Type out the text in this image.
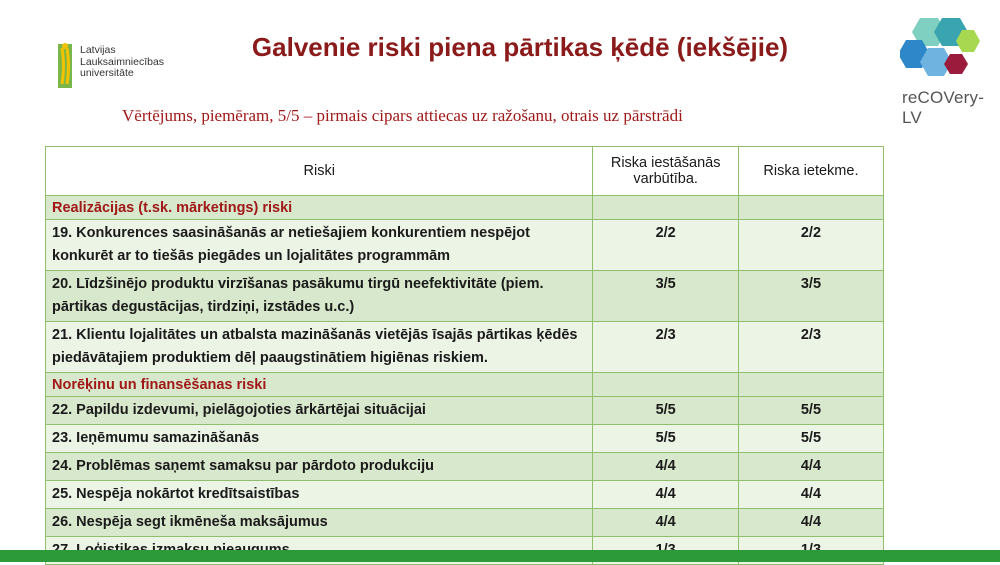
Latvijas
Lauksaimniecības
universitāte
Galvenie riski piena pārtikas ķēdē (iekšējie)
Vērtējums, piemēram, 5/5 – pirmais cipars attiecas uz ražošanu, otrais uz pārstrādi
reCOVery-LV
Riski	Riska iestāšanās varbūtība.	Riska ietekme.
Realizācijas (t.sk. mārketings) riski		
19. Konkurences saasināšanās ar netiešajiem konkurentiem nespējot konkurēt ar to tiešās piegādes un lojalitātes programmām	2/2	2/2
20. Līdzšinējo produktu virzīšanas pasākumu tirgū neefektivitāte (piem. pārtikas degustācijas, tirdziņi, izstādes u.c.)	3/5	3/5
21. Klientu lojalitātes un atbalsta mazināšanās vietējās īsajās pārtikas ķēdēs piedāvātajiem produktiem dēļ paaugstinātiem higiēnas riskiem.	2/3	2/3
Norēķinu un finansēšanas riski		
22. Papildu izdevumi, pielāgojoties ārkārtējai situācijai	5/5	5/5
23. Ieņēmumu samazināšanās	5/5	5/5
24. Problēmas saņemt samaksu par pārdoto produkciju	4/4	4/4
25. Nespēja nokārtot kredītsaistības	4/4	4/4
26. Nespēja segt ikmēneša maksājumus	4/4	4/4
